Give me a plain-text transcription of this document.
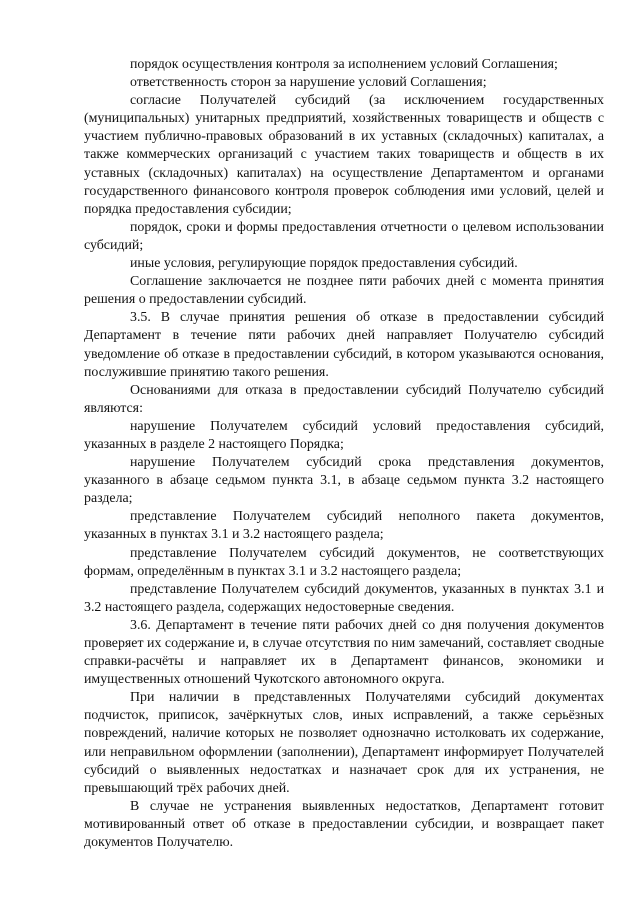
порядок осуществления контроля за исполнением условий Соглашения;

ответственность сторон за нарушение условий Соглашения;

согласие Получателей субсидий (за исключением государственных (муниципальных) унитарных предприятий, хозяйственных товариществ и обществ с участием публично-правовых образований в их уставных (складочных) капиталах, а также коммерческих организаций с участием таких товариществ и обществ в их уставных (складочных) капиталах) на осуществление Департаментом и органами государственного финансового контроля проверок соблюдения ими условий, целей и порядка предоставления субсидии;

порядок, сроки и формы предоставления отчетности о целевом использовании субсидий;

иные условия, регулирующие порядок предоставления субсидий.

Соглашение заключается не позднее пяти рабочих дней с момента принятия решения о предоставлении субсидий.

3.5. В случае принятия решения об отказе в предоставлении субсидий Департамент в течение пяти рабочих дней направляет Получателю субсидий уведомление об отказе в предоставлении субсидий, в котором указываются основания, послужившие принятию такого решения.

Основаниями для отказа в предоставлении субсидий Получателю субсидий являются:

нарушение Получателем субсидий условий предоставления субсидий, указанных в разделе 2 настоящего Порядка;

нарушение Получателем субсидий срока представления документов, указанного в абзаце седьмом пункта 3.1, в абзаце седьмом пункта 3.2 настоящего раздела;

представление Получателем субсидий неполного пакета документов, указанных в пунктах 3.1 и 3.2 настоящего раздела;

представление Получателем субсидий документов, не соответствующих формам, определённым в пунктах 3.1 и 3.2 настоящего раздела;

представление Получателем субсидий документов, указанных в пунктах 3.1 и 3.2 настоящего раздела, содержащих недостоверные сведения.

3.6. Департамент в течение пяти рабочих дней со дня получения документов проверяет их содержание и, в случае отсутствия по ним замечаний, составляет сводные справки-расчёты и направляет их в Департамент финансов, экономики и имущественных отношений Чукотского автономного округа.

При наличии в представленных Получателями субсидий документах подчисток, приписок, зачёркнутых слов, иных исправлений, а также серьёзных повреждений, наличие которых не позволяет однозначно истолковать их содержание, или неправильном оформлении (заполнении), Департамент информирует Получателей субсидий о выявленных недостатках и назначает срок для их устранения, не превышающий трёх рабочих дней.

В случае не устранения выявленных недостатков, Департамент готовит мотивированный ответ об отказе в предоставлении субсидии, и возвращает пакет документов Получателю.
